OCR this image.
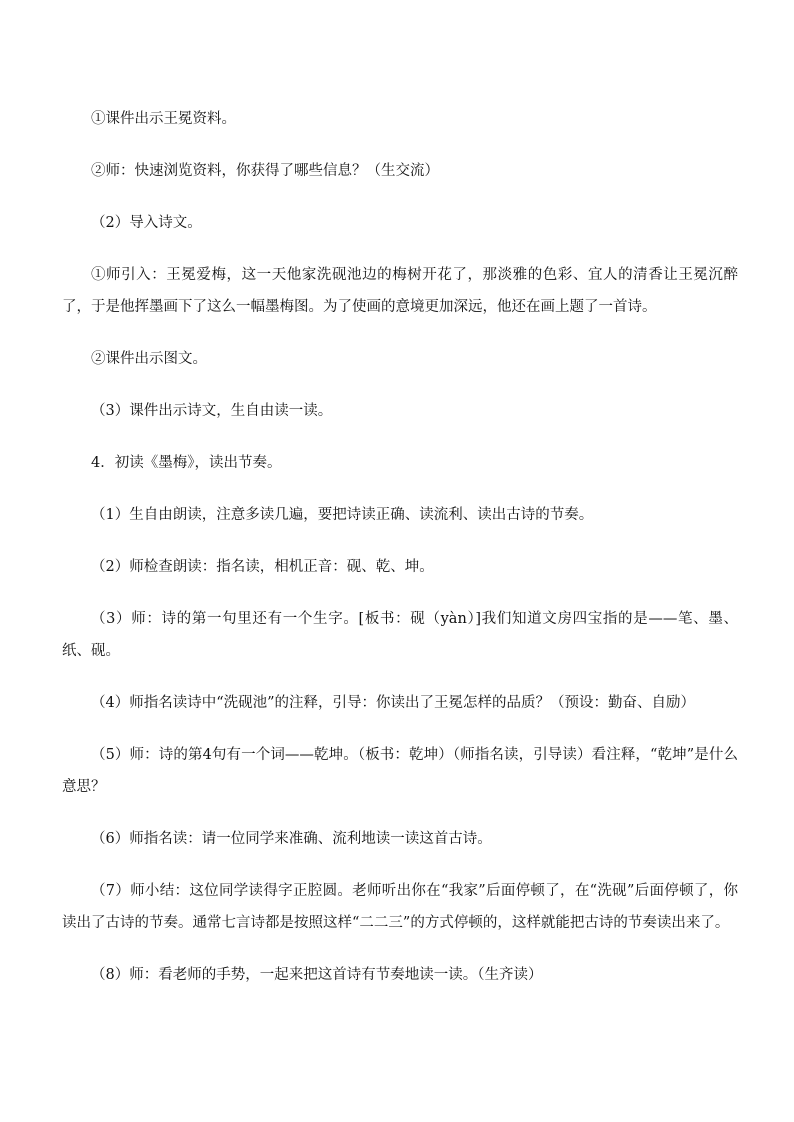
①课件出示王冕资料。

②师：快速浏览资料，你获得了哪些信息？（生交流）

（2）导入诗文。

①师引入：王冕爱梅，这一天他家洗砚池边的梅树开花了，那淡雅的色彩、宜人的清香让王冕沉醉了，于是他挥墨画下了这么一幅墨梅图。为了使画的意境更加深远，他还在画上题了一首诗。

②课件出示图文。

（3）课件出示诗文，生自由读一读。

4．初读《墨梅》，读出节奏。

（1）生自由朗读，注意多读几遍，要把诗读正确、读流利、读出古诗的节奏。

（2）师检查朗读：指名读，相机正音：砚、乾、坤。

（3）师：诗的第一句里还有一个生字。[板书：砚（yàn）]我们知道文房四宝指的是——笔、墨、纸、砚。

（4）师指名读诗中“洗砚池”的注释，引导：你读出了王冕怎样的品质？（预设：勤奋、自励）

（5）师：诗的第4句有一个词——乾坤。（板书：乾坤）（师指名读，引导读）看注释，“乾坤”是什么意思？

（6）师指名读：请一位同学来准确、流利地读一读这首古诗。

（7）师小结：这位同学读得字正腔圆。老师听出你在“我家”后面停顿了，在“洗砚”后面停顿了，你读出了古诗的节奏。通常七言诗都是按照这样“二二三”的方式停顿的，这样就能把古诗的节奏读出来了。

（8）师：看老师的手势，一起来把这首诗有节奏地读一读。（生齐读）
